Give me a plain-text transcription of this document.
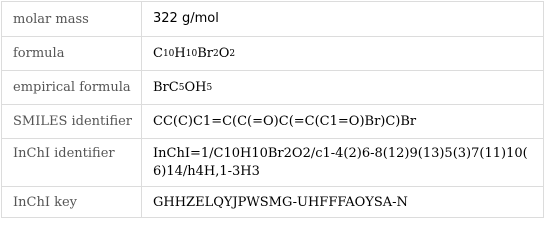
molar mass	322 g/mol
formula	C 10 H 10 Br 2 O 2
empirical formula	Br C 5 O H 5
SMILES identifier	CC(C)C1=C(C(=O)C(=C(C1=O)Br)C)Br
InChI identifier	InChI=1/C10H10Br2O2/c1-4(2)6-8(12)9(13)5(3)7(11)10(
6)14/h4H,1-3H3
InChI key	GHHZELQYJPWSMG-UHFFFAOYSA-N
